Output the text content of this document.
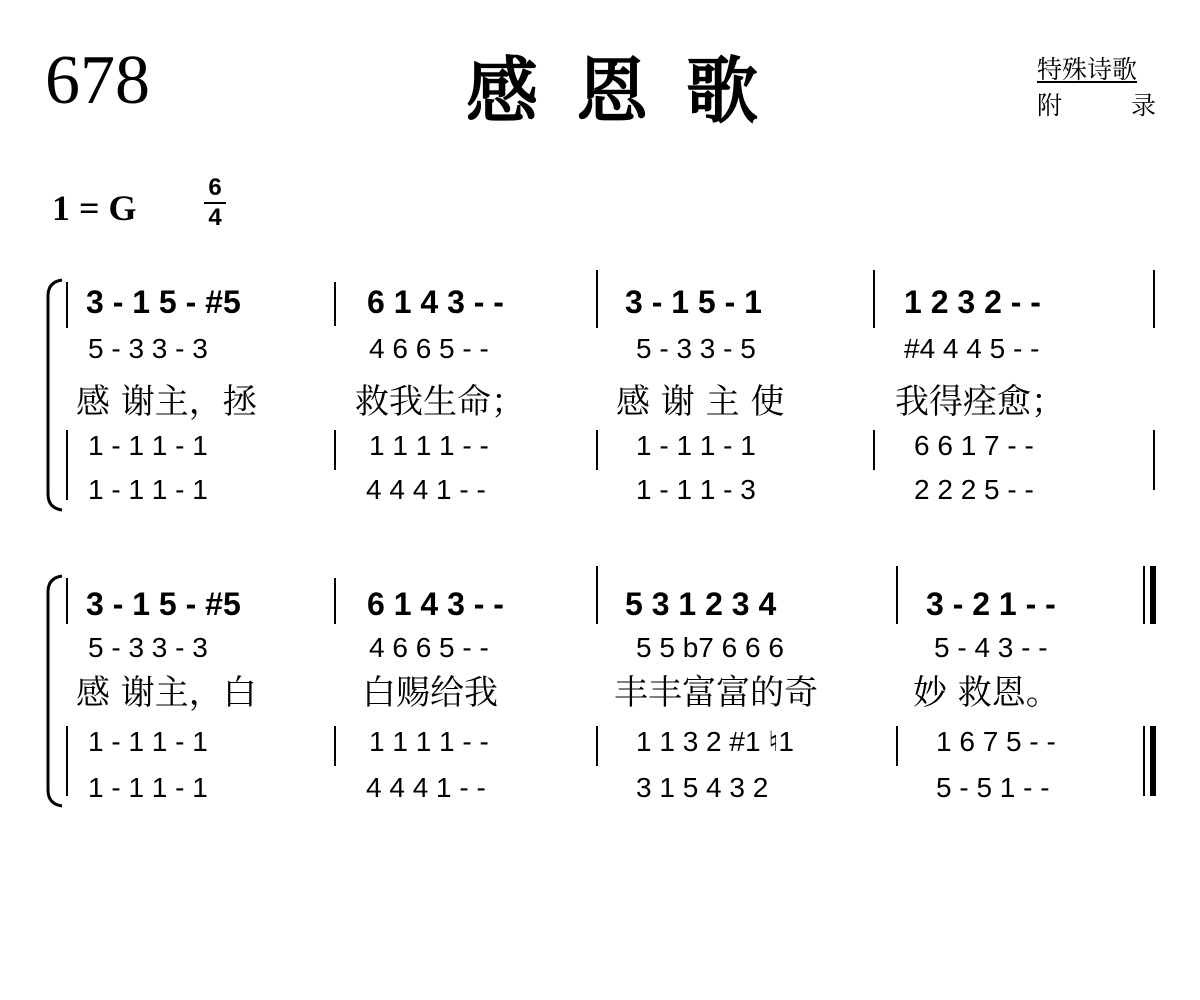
678	感恩歌	特殊诗歌
附	录
1 = G
6
4
3 - 1 5 - #5	6 1 4 3 - -	3 - 1 5 - 1	1 2 3 2 - -
5 - 3 3 - 3	4 6 6 5 - -	5 - 3 3 - 5	#4 4 4 5 - -
感 谢主，拯	救我生命；	感 谢 主 使	我得痊愈；
1 - 1 1 - 1	1 1 1 1 - -	1 - 1 1 - 1	6 6 1 7 - -
1 - 1 1 - 1	4 4 4 1 - -	1 - 1 1 - 3	2 2 2 5 - -
3 - 1 5 - #5	6 1 4 3 - -	5 3 1 2 3 4	3 - 2 1 - -
5 - 3 3 - 3	4 6 6 5 - -	5 5 b7 6 6 6	5 - 4 3 - -
感 谢主，白	白赐给我	丰丰富富的奇	妙 救恩。
1 - 1 1 - 1	1 1 1 1 - -	1 1 3 2 #1 ♮1	1 6 7 5 - -
1 - 1 1 - 1	4 4 4 1 - -	3 1 5 4 3 2	5 - 5 1 - -
